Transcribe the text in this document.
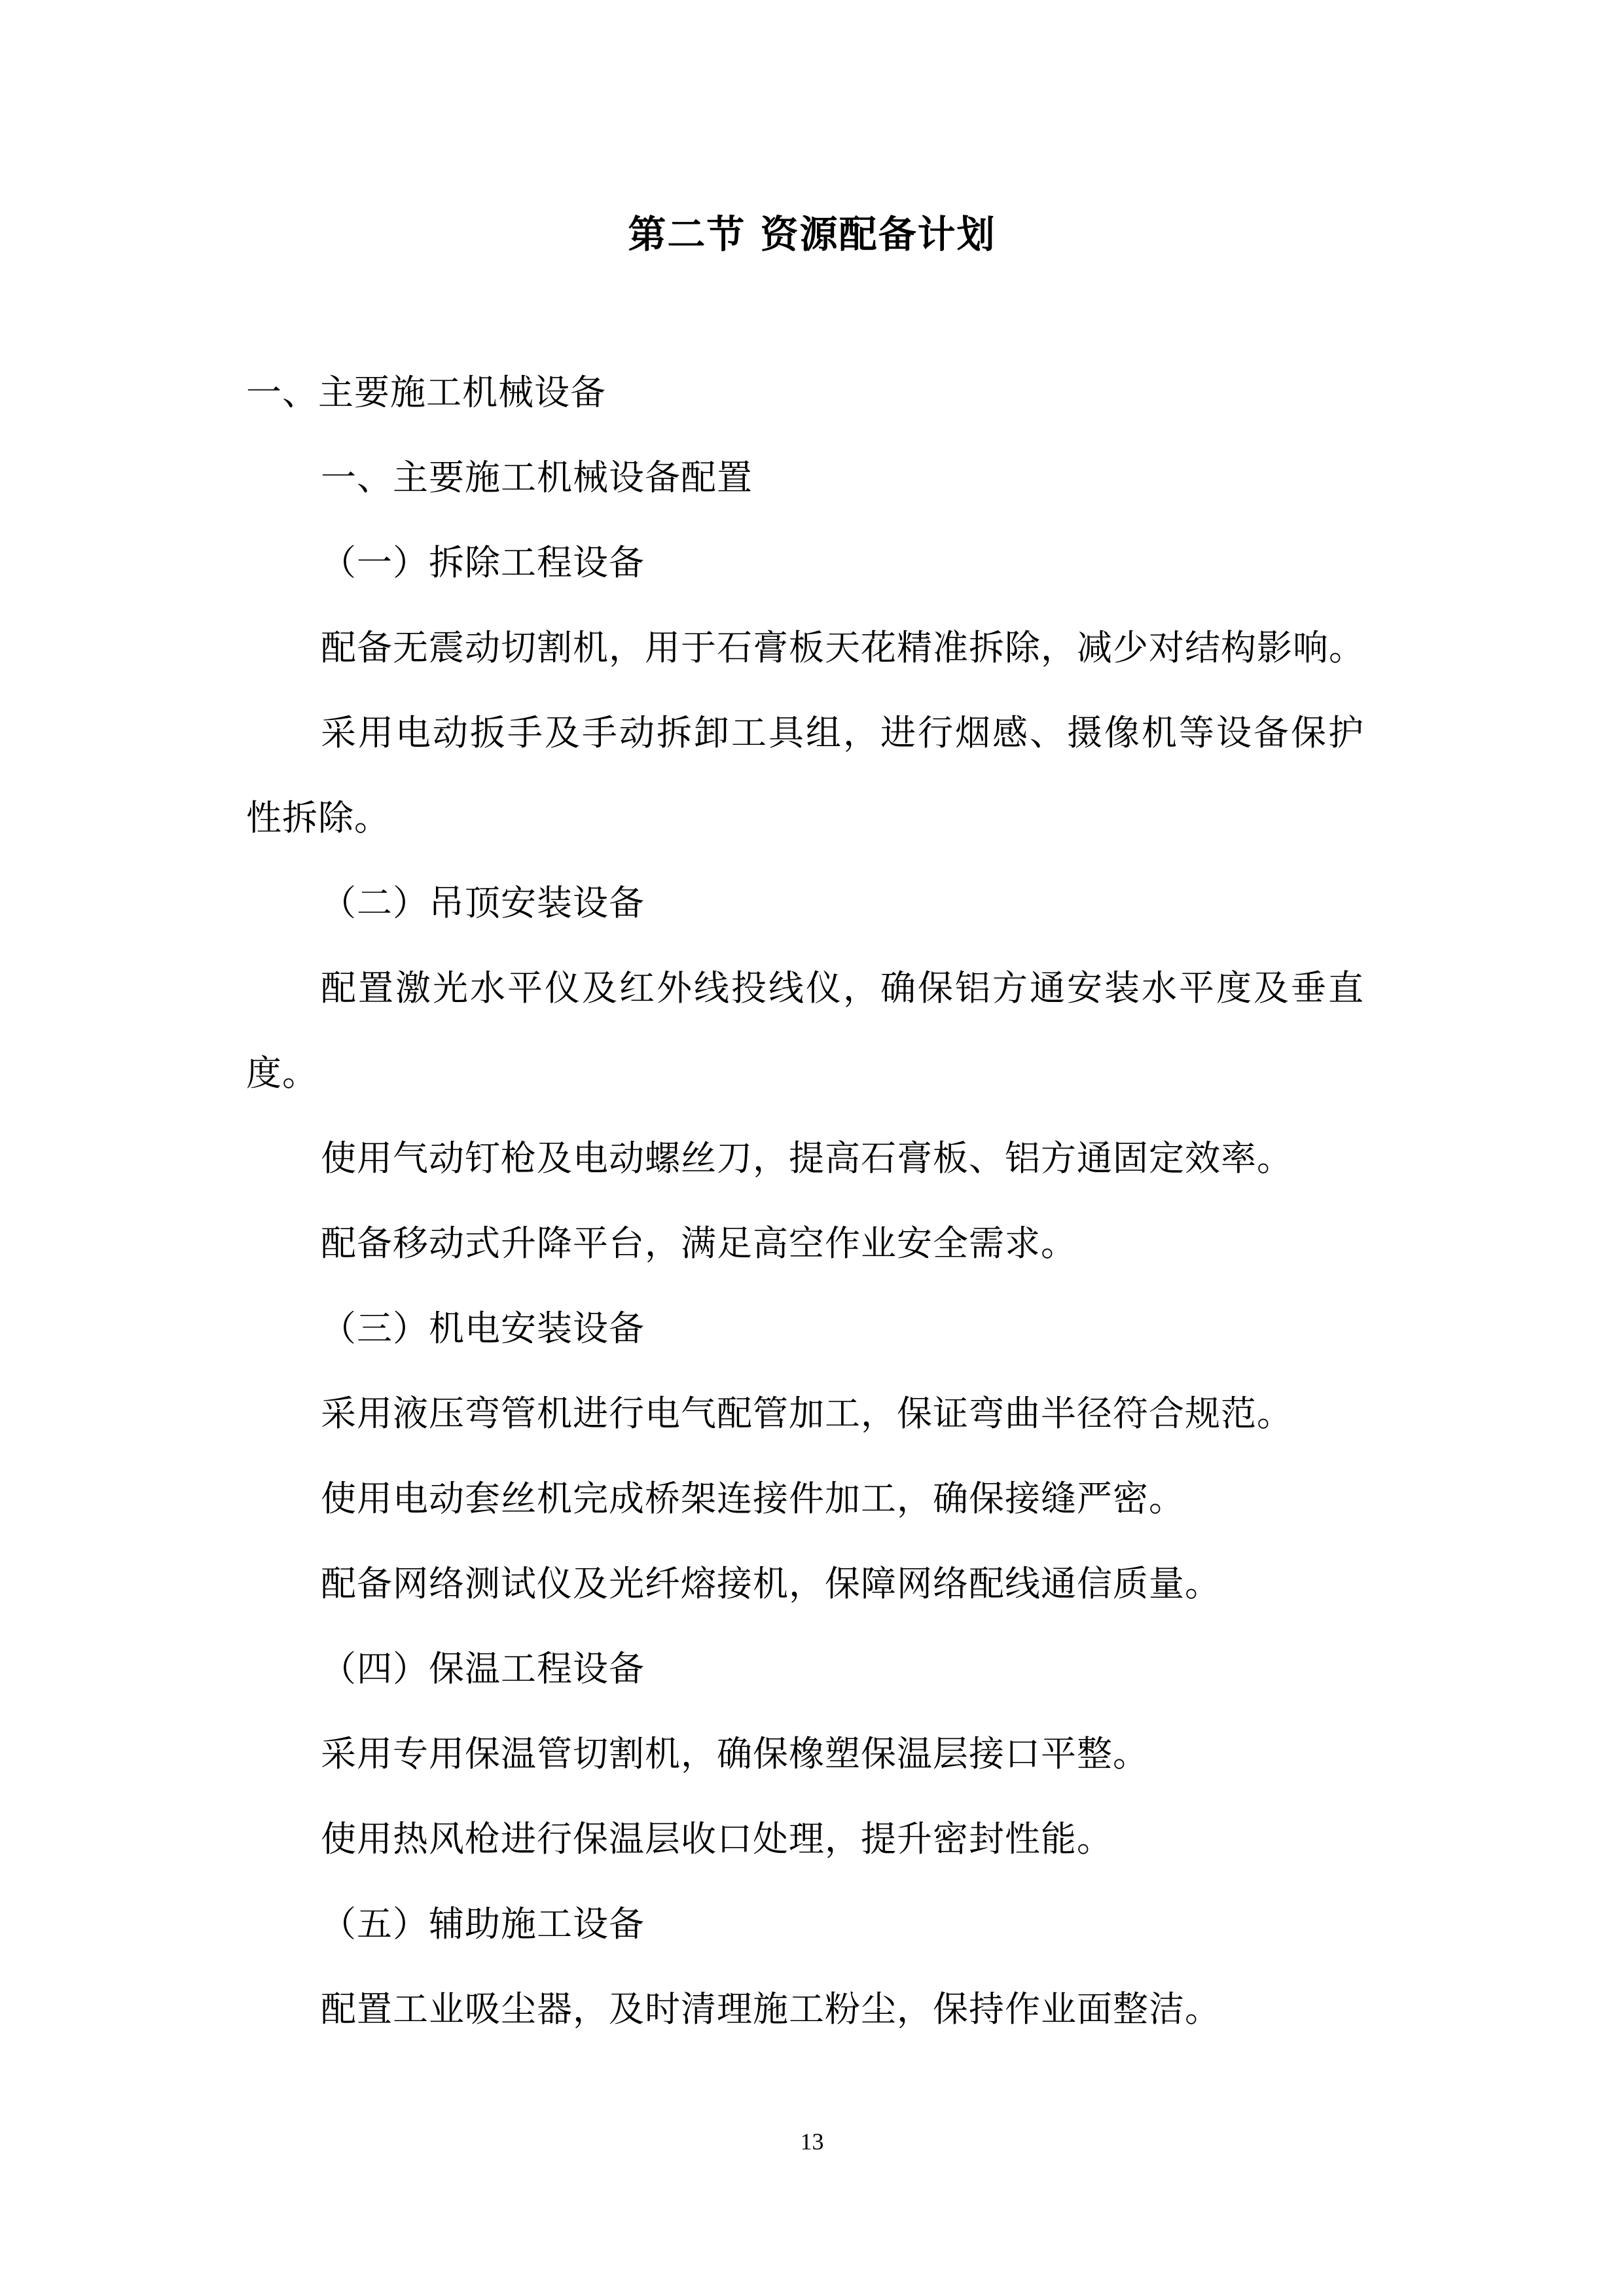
第二节 资源配备计划
一、主要施工机械设备
一、主要施工机械设备配置
（一）拆除工程设备
配备无震动切割机，用于石膏板天花精准拆除，减少对结构影响。
采用电动扳手及手动拆卸工具组，进行烟感、摄像机等设备保护
性拆除。
（二）吊顶安装设备
配置激光水平仪及红外线投线仪，确保铝方通安装水平度及垂直
度。
使用气动钉枪及电动螺丝刀，提高石膏板、铝方通固定效率。
配备移动式升降平台，满足高空作业安全需求。
（三）机电安装设备
采用液压弯管机进行电气配管加工，保证弯曲半径符合规范。
使用电动套丝机完成桥架连接件加工，确保接缝严密。
配备网络测试仪及光纤熔接机，保障网络配线通信质量。
（四）保温工程设备
采用专用保温管切割机，确保橡塑保温层接口平整。
使用热风枪进行保温层收口处理，提升密封性能。
（五）辅助施工设备
配置工业吸尘器，及时清理施工粉尘，保持作业面整洁。
13
